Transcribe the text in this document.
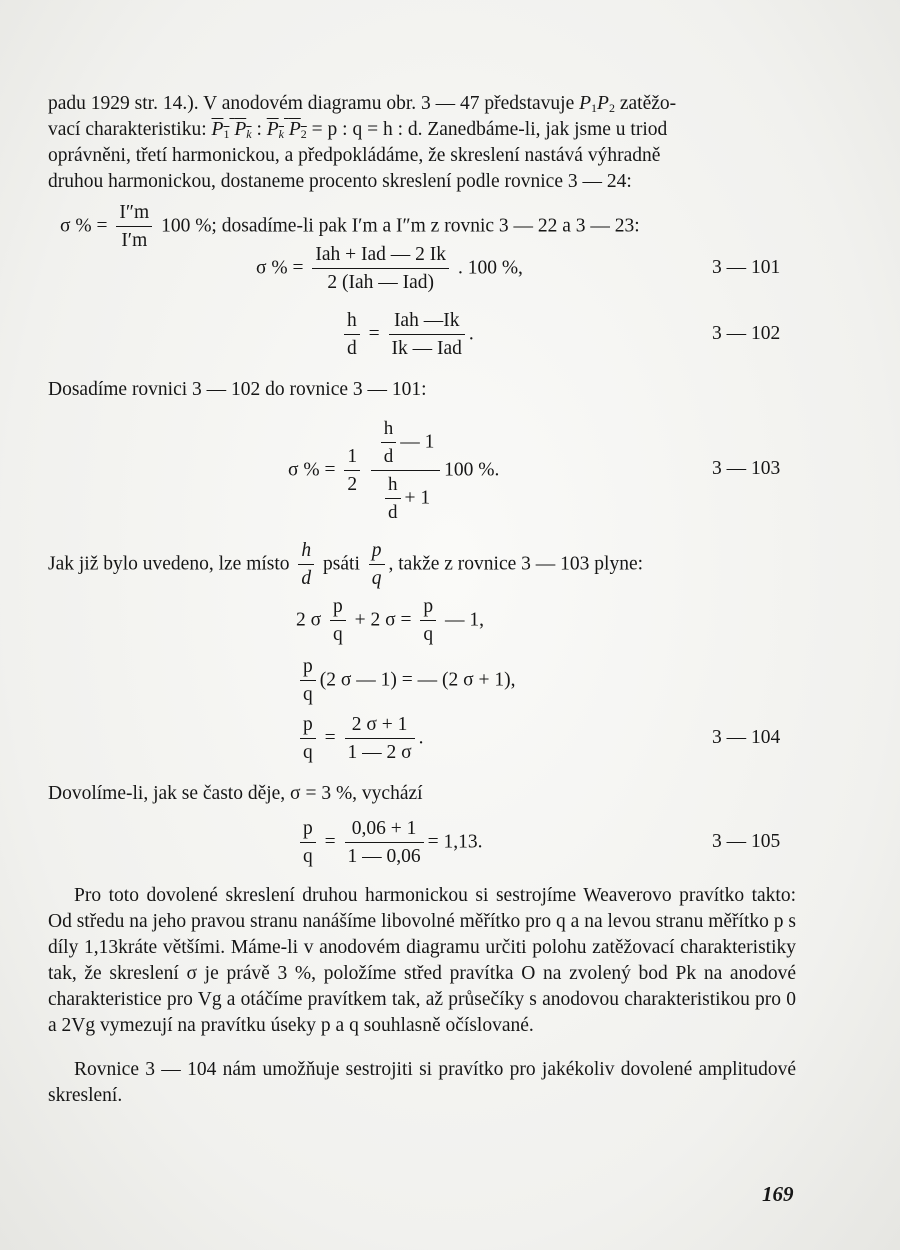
padu 1929 str. 14.). V anodovém diagramu obr. 3 — 47 představuje $P_1P_2$ zatěžo-
vací charakteristiku: $P_1$ $P_k$ : $P_k$ $P_2 = p$ : q = h : d. Zanedbáme-li, jak jsme u triod
oprávněni, třetí harmonickou, a předpokládáme, že skreslení nastává výhradně
druhou harmonickou, dostaneme procento skreslení podle rovnice 3 — 24:
σ % = $\frac{I''m}{I'm} 100$ %; dosadíme-li pak I′m a I″m z rovnic 3 — 22 a 3 — 23:
σ % = $\frac{\text{Iah + Iad — 2 Ik}}{\text{2 (Iah — Iad)}}$ . 100 %,	3 — 101
$\frac{h}{d} = \frac{\text{Iah —Ik}}{\text{Ik — Iad}}$ .	3 — 102
Dosadíme rovnici 3 — 102 do rovnice 3 — 101:
σ % = $\frac{1}{2}$
$\frac{\frac{h}{d} — 1}{\frac{h}{d} + 1} 100$ %.	3 — 103
Jak již bylo uvedeno, lze místo $\frac{h}{d}$ psáti $\frac{p}{q}$ , takže z rovnice 3 — 103 plyne:
2 σ $\frac{p}{q} + 2$ $\sigma = \frac{p}{q}$ — 1,
$\frac{p}{q} (2$ σ — 1) = — (2 σ + 1),
$\frac{p}{q} = \frac{2 \sigma + 1}{1 — 2 \sigma}$ .	3 — 104
Dovolíme-li, jak se často děje, σ = 3 %, vychází
$\frac{p}{q} = \frac{0,06 + 1}{1 — 0,06} = 1,13$.	3 — 105

Pro toto dovolené skreslení druhou harmonickou si sestrojíme Weaverovo pravítko takto: Od středu na jeho pravou stranu nanášíme libovolné měřítko pro q a na levou stranu měřítko p s díly 1,13kráte většími. Máme-li v anodovém diagramu určiti polohu zatěžovací charakteristiky tak, že skreslení σ je právě 3 %, položíme střed pravítka O na zvolený bod Pk na anodové charakteristice pro Vg a otáčíme pravítkem tak, až průsečíky s anodovou charakteristikou pro 0 a 2Vg vymezují na pravítku úseky p a q souhlasně očíslované.

Rovnice 3 — 104 nám umožňuje sestrojiti si pravítko pro jakékoliv dovolené amplitudové skreslení.

169
